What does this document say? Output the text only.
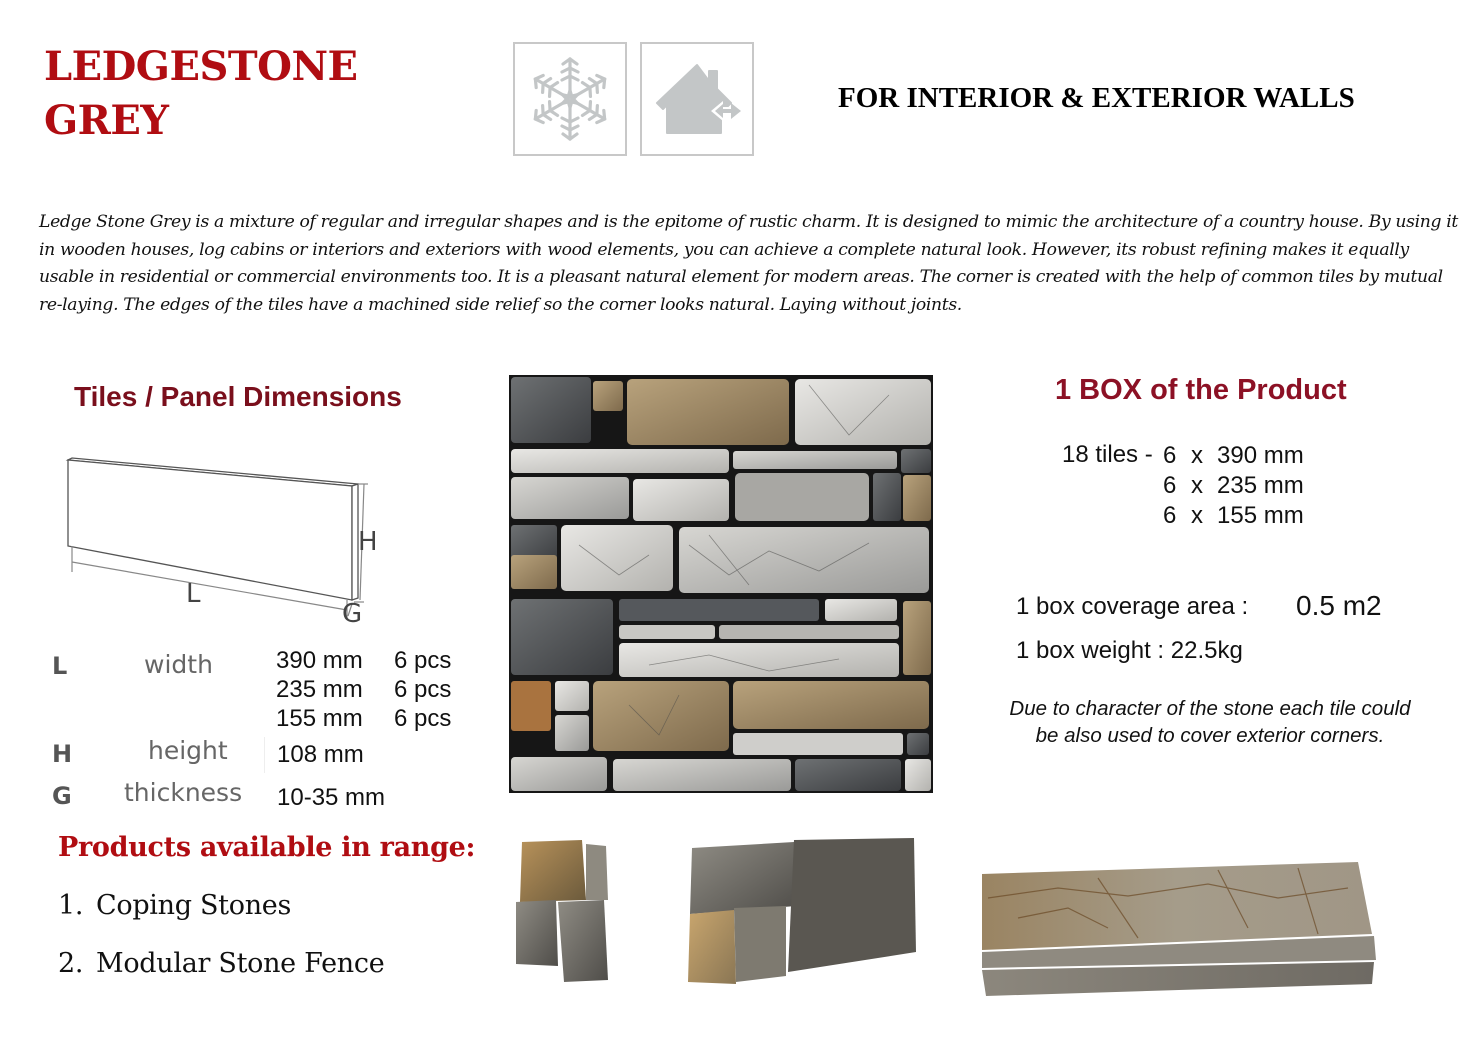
LEDGESTONE
GREY	FOR INTERIOR & EXTERIOR WALLS
Ledge Stone Grey is a mixture of regular and irregular shapes and is the epitome of rustic charm. It is designed to mimic the architecture of a country house. By using it in wooden houses, log cabins or interiors and exteriors with wood elements, you can achieve a complete natural look. However, its robust refining makes it equally usable in residential or commercial environments too. It is a pleasant natural element for modern areas. The corner is created with the help of common tiles by mutual re-laying. The edges of the tiles have a machined side relief so the corner looks natural. Laying without joints.
Tiles / Panel Dimensions
L
H
G
L	width	390 mm 6 pcs
235 mm 6 pcs
155 mm 6 pcs
H	height 108 mm
G thickness 10-35 mm
1 BOX of the Product
18 tiles - 6 x 390 mm
6 x 235 mm
6 x 155 mm
1 box coverage area : 0.5 m2
1 box weight : 22.5kg
Due to character of the stone each tile could
be also used to cover exterior corners.
Products available in range:
1. Coping Stones
2. Modular Stone Fence
